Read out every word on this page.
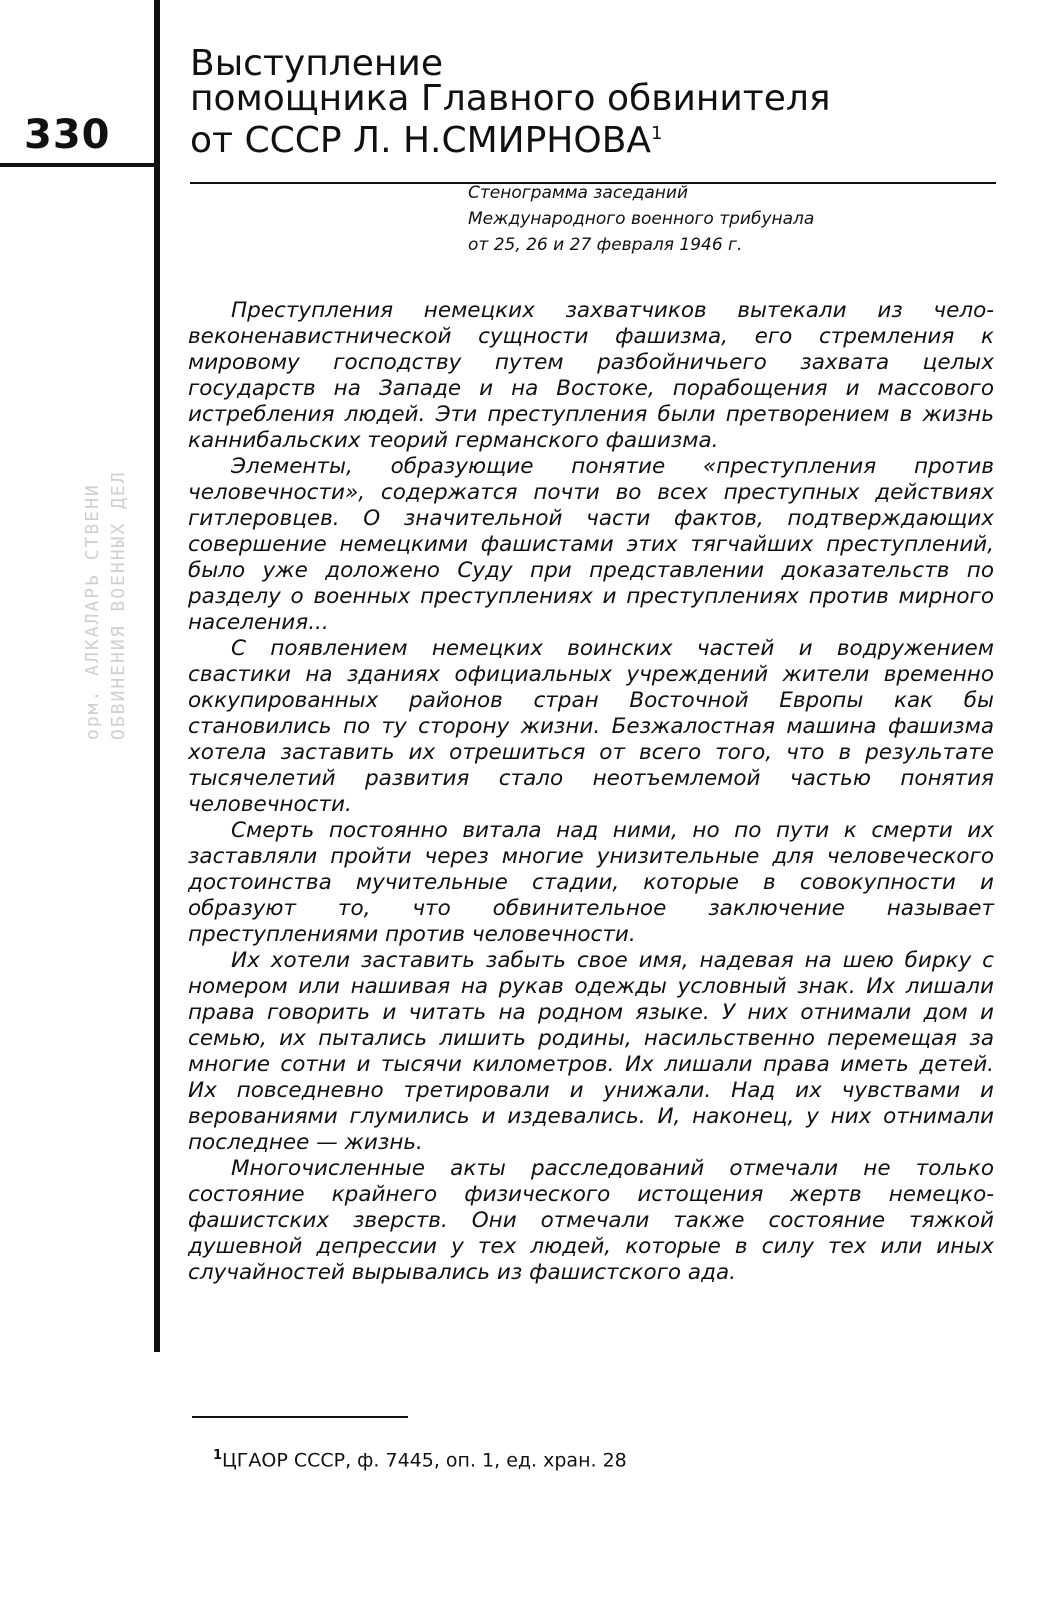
330
орм. АЛКАЛАРЬ СТВЕНИ ОБВИНЕНИЯ ВОЕННЫХ ДЕЛ
Выступление
помощника Главного обвинителя
от СССР Л. Н.СМИРНОВА$^1$
Стенограмма заседаний
Международного военного трибунала
от 25, 26 и 27 февраля 1946 г.

Преступления немецких захватчиков вытекали из человеконенавистнической сущности фашизма, его стремления к мировому господству путем разбойничьего захвата целых государств на Западе и на Востоке, порабощения и массового истребления людей. Эти преступления были претворением в жизнь каннибальских теорий германского фашизма.

Элементы, образующие понятие «преступления против человечности», содержатся почти во всех преступных действиях гитлеровцев. О значительной части фактов, подтверждающих совершение немецкими фашистами этих тягчайших преступлений, было уже доложено Суду при представлении доказательств по разделу о военных преступлениях и преступлениях против мирного населения...

С появлением немецких воинских частей и водружением свастики на зданиях официальных учреждений жители временно оккупированных районов стран Восточной Европы как бы становились по ту сторону жизни. Безжалостная машина фашизма хотела заставить их отрешиться от всего того, что в результате тысячелетий развития стало неотъемлемой частью понятия человечности.

Смерть постоянно витала над ними, но по пути к смерти их заставляли пройти через многие унизительные для человеческого достоинства мучительные стадии, которые в совокупности и образуют то, что обвинительное заключение называет преступлениями против человечности.

Их хотели заставить забыть свое имя, надевая на шею бирку с номером или нашивая на рукав одежды условный знак. Их лишали права говорить и читать на родном языке. У них отнимали дом и семью, их пытались лишить родины, насильственно перемещая за многие сотни и тысячи километров. Их лишали права иметь детей. Их повседневно третировали и унижали. Над их чувствами и верованиями глумились и издевались. И, наконец, у них отнимали последнее — жизнь.

Многочисленные акты расследований отмечали не только состояние крайнего физического истощения жертв немецко-фашистских зверств. Они отмечали также состояние тяжкой душевной депрессии у тех людей, которые в силу тех или иных случайностей вырывались из фашистского ада.

$^1$ЦГАОР СССР, ф. 7445, оп. 1, ед. хран. 28
